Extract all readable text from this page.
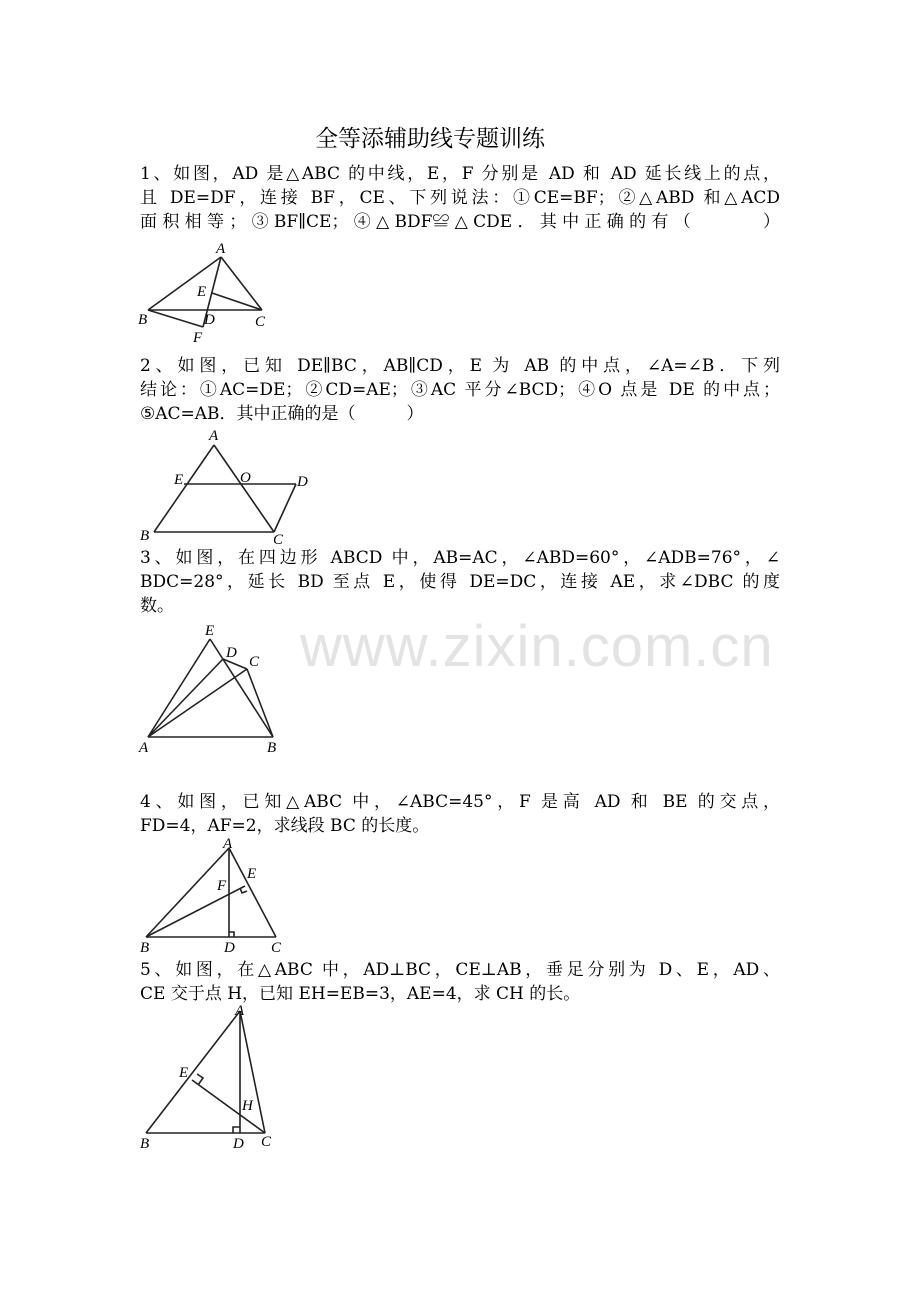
www.zixin.com.cn
全等添辅助线专题训练
1、如图，AD 是△ABC 的中线，E，F 分别是 AD 和 AD 延长线上的点，
且 DE=DF，连接 BF，CE、下列说法：①CE=BF；②△ABD 和△ACD
面积相等；③BF∥CE；④△BDF≌△CDE．其中正确的有（　　　）
2、如图，已知 DE∥BC，AB∥CD，E 为 AB 的中点，∠A=∠B．下列
结论：①AC=DE；②CD=AE；③AC 平分∠BCD；④O 点是 DE 的中点；
⑤AC=AB．其中正确的是（　　　）
3、如图，在四边形 ABCD 中，AB=AC，∠ABD=60°，∠ADB=76°，∠
BDC=28°，延长 BD 至点 E，使得 DE=DC，连接 AE，求∠DBC 的度
数。
4、如图，已知△ABC 中，∠ABC=45°，F 是高 AD 和 BE 的交点，
FD=4，AF=2，求线段 BC 的长度。
5、如图，在△ABC 中，AD⊥BC，CE⊥AB，垂足分别为 D、E，AD、
CE 交于点 H，已知 EH=EB=3，AE=4，求 CH 的长。
A
B	C
D
E
F
A
E	O	D
B	C
E
D
C
A	B
A
E
F
B	D C
A
E
H
B	D C
